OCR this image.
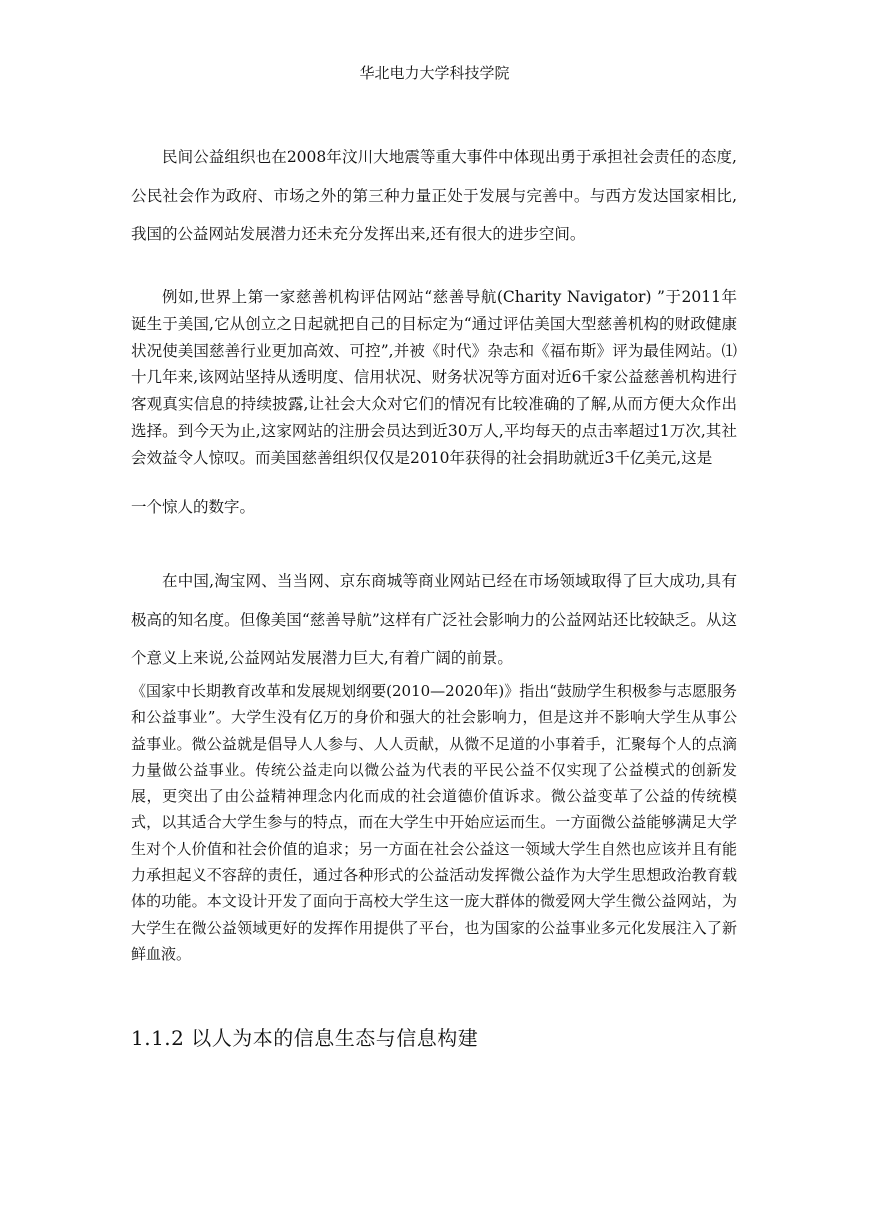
华北电力大学科技学院

民间公益组织也在2008年汶川大地震等重大事件中体现出勇于承担社会责任的态度,公民社会作为政府、市场之外的第三种力量正处于发展与完善中。与西方发达国家相比,我国的公益网站发展潜力还未充分发挥出来,还有很大的进步空间。

例如,世界上第一家慈善机构评估网站“慈善导航(Charity Navigator) ”于2011年诞生于美国,它从创立之日起就把自己的目标定为“通过评估美国大型慈善机构的财政健康状况使美国慈善行业更加高效、可控”,并被《时代》杂志和《福布斯》评为最佳网站。⑴十几年来,该网站坚持从透明度、信用状况、财务状况等方面对近6千家公益慈善机构进行客观真实信息的持续披露,让社会大众对它们的情况有比较准确的了解,从而方便大众作出选择。到今天为止,这家网站的注册会员达到近30万人,平均每天的点击率超过1万次,其社会效益令人惊叹。而美国慈善组织仅仅是2010年获得的社会捐助就近3千亿美元,这是

一个惊人的数字。

在中国,淘宝网、当当网、京东商城等商业网站已经在市场领域取得了巨大成功,具有极高的知名度。但像美国“慈善导航”这样有广泛社会影响力的公益网站还比较缺乏。从这个意义上来说,公益网站发展潜力巨大,有着广阔的前景。

《国家中长期教育改革和发展规划纲要(2010—2020年)》指出“鼓励学生积极参与志愿服务和公益事业”。大学生没有亿万的身价和强大的社会影响力，但是这并不影响大学生从事公益事业。微公益就是倡导人人参与、人人贡献，从微不足道的小事着手，汇聚每个人的点滴力量做公益事业。传统公益走向以微公益为代表的平民公益不仅实现了公益模式的创新发展，更突出了由公益精神理念内化而成的社会道德价值诉求。微公益变革了公益的传统模式，以其适合大学生参与的特点，而在大学生中开始应运而生。一方面微公益能够满足大学生对个人价值和社会价值的追求；另一方面在社会公益这一领域大学生自然也应该并且有能力承担起义不容辞的责任，通过各种形式的公益活动发挥微公益作为大学生思想政治教育载体的功能。本文设计开发了面向于高校大学生这一庞大群体的微爱网大学生微公益网站，为大学生在微公益领域更好的发挥作用提供了平台，也为国家的公益事业多元化发展注入了新鲜血液。

1.1.2 以人为本的信息生态与信息构建
